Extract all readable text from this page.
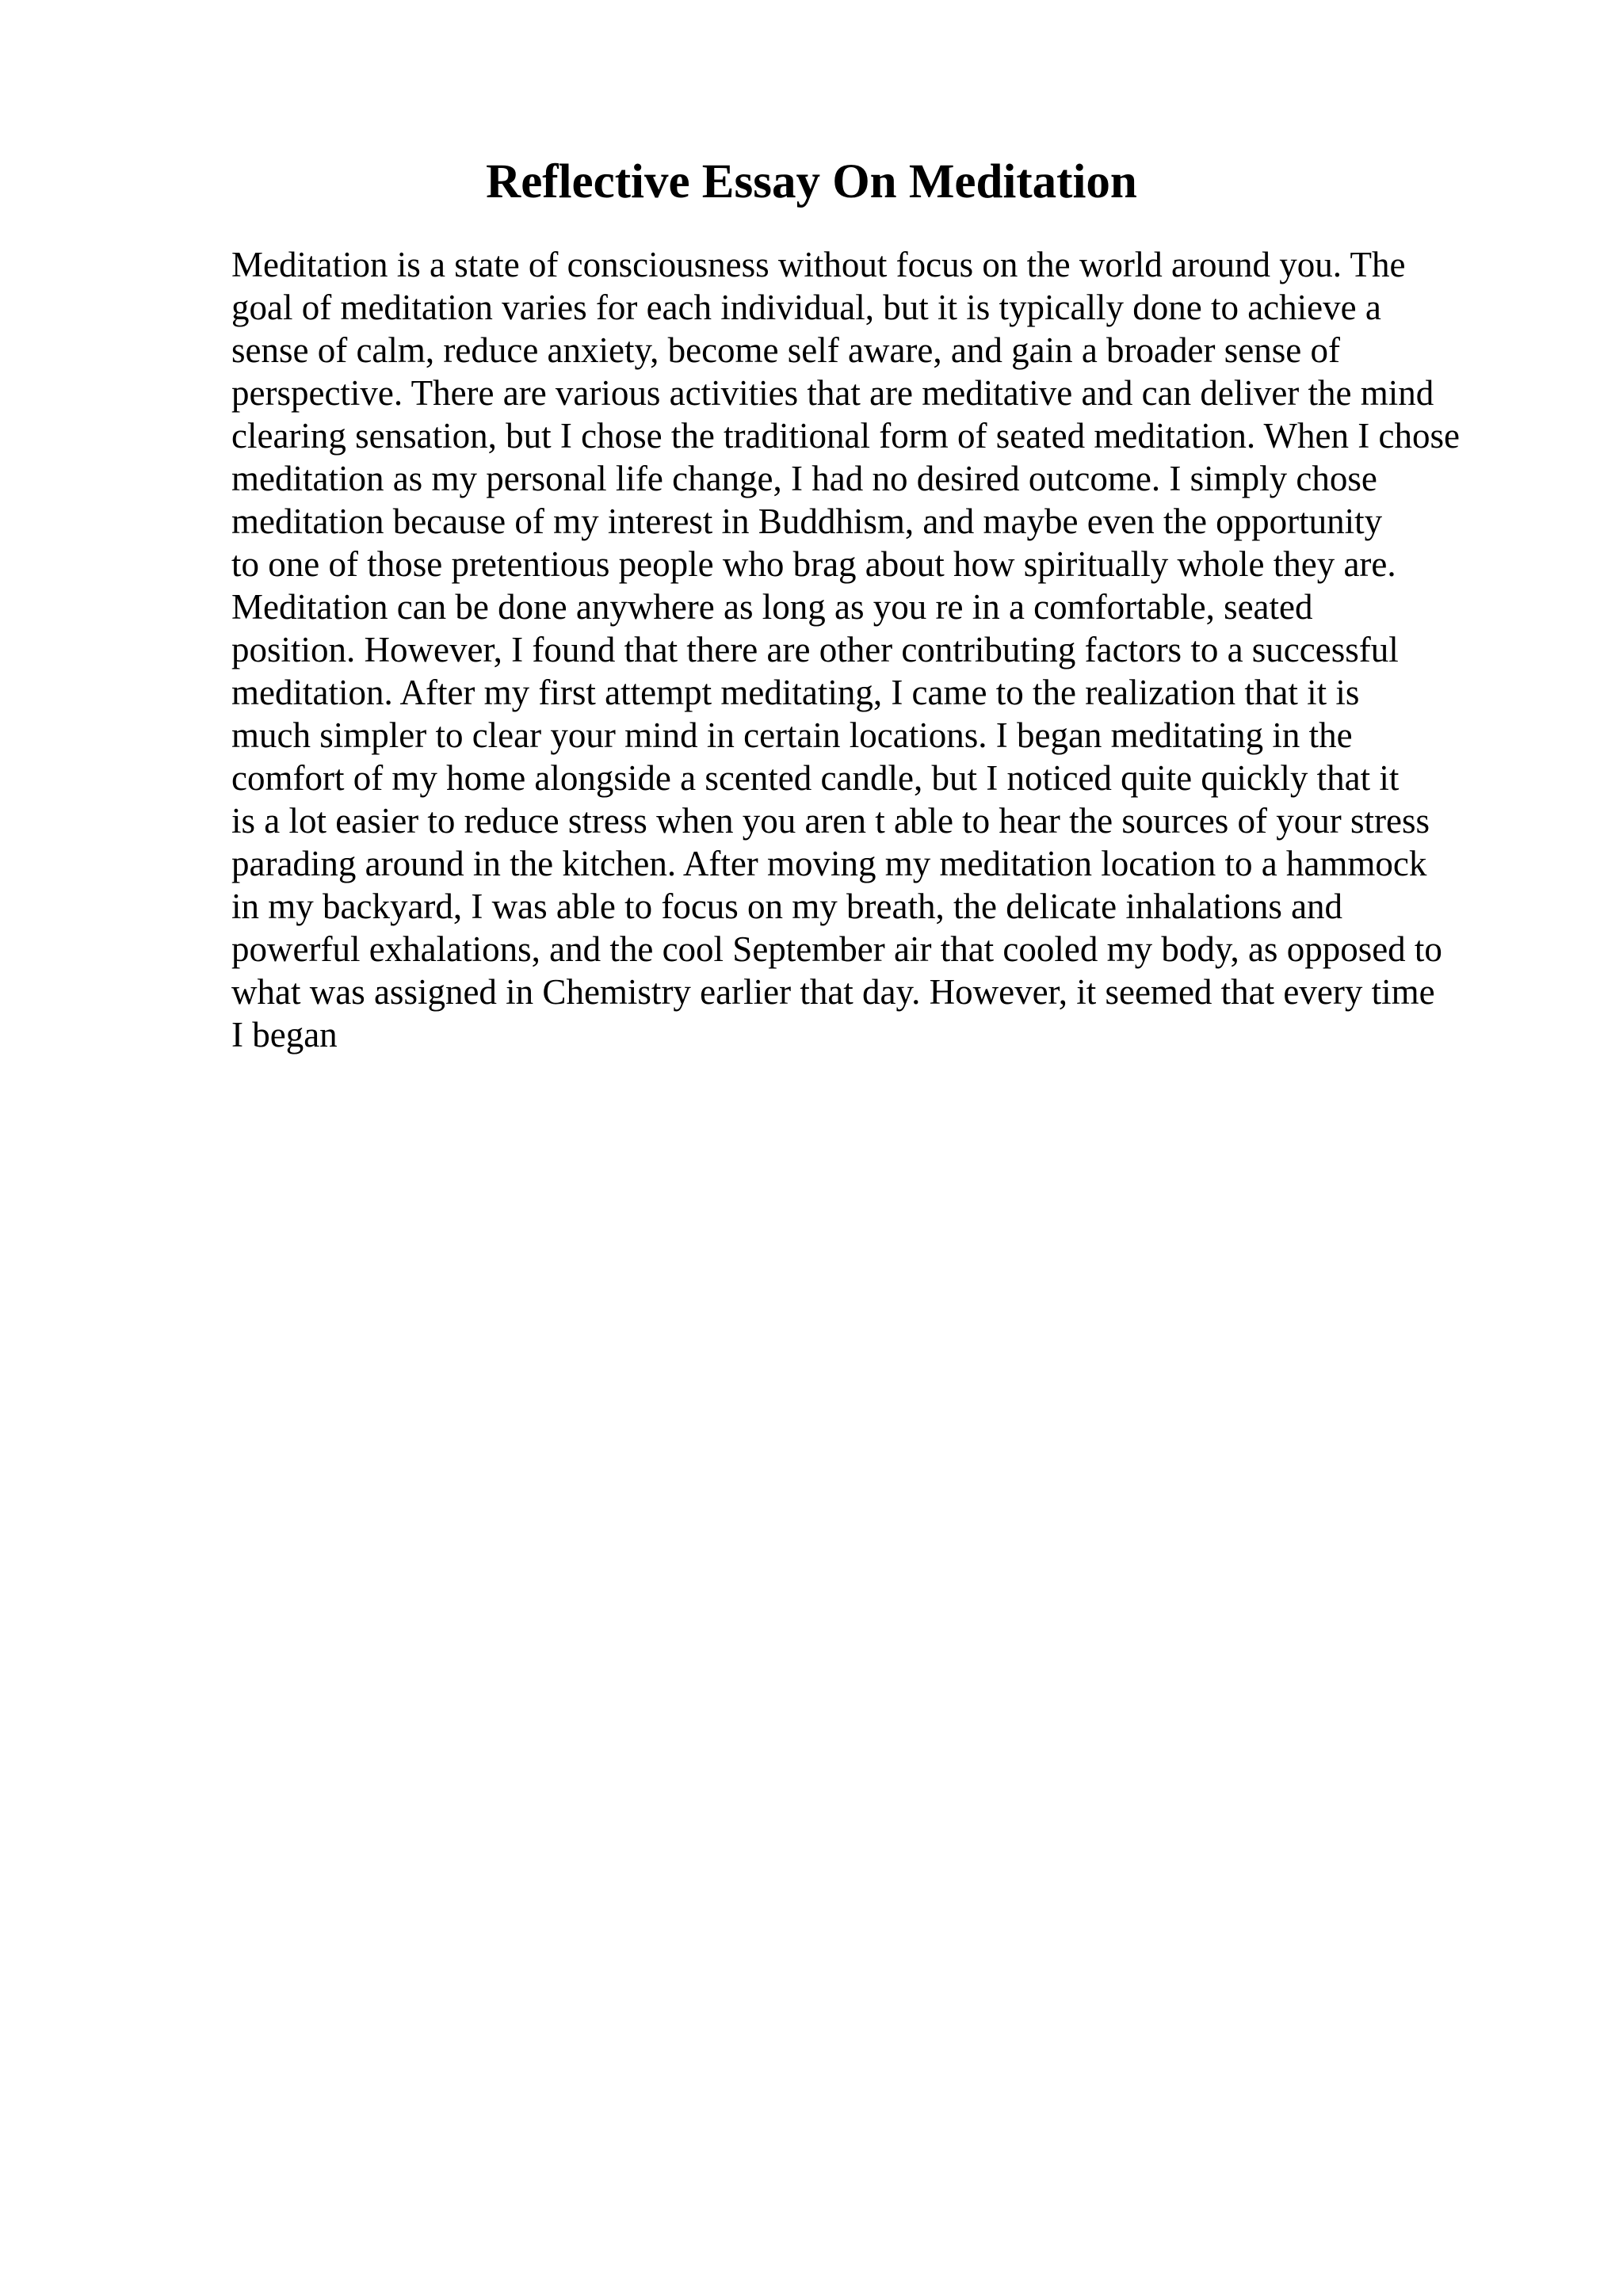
Reflective Essay On Meditation
Meditation is a state of consciousness without focus on the world around you. The
goal of meditation varies for each individual, but it is typically done to achieve a
sense of calm, reduce anxiety, become self aware, and gain a broader sense of
perspective. There are various activities that are meditative and can deliver the mind
clearing sensation, but I chose the traditional form of seated meditation. When I chose
meditation as my personal life change, I had no desired outcome. I simply chose
meditation because of my interest in Buddhism, and maybe even the opportunity
to one of those pretentious people who brag about how spiritually whole they are.
Meditation can be done anywhere as long as you re in a comfortable, seated
position. However, I found that there are other contributing factors to a successful
meditation. After my first attempt meditating, I came to the realization that it is
much simpler to clear your mind in certain locations. I began meditating in the
comfort of my home alongside a scented candle, but I noticed quite quickly that it
is a lot easier to reduce stress when you aren t able to hear the sources of your stress
parading around in the kitchen. After moving my meditation location to a hammock
in my backyard, I was able to focus on my breath, the delicate inhalations and
powerful exhalations, and the cool September air that cooled my body, as opposed to
what was assigned in Chemistry earlier that day. However, it seemed that every time
I began
